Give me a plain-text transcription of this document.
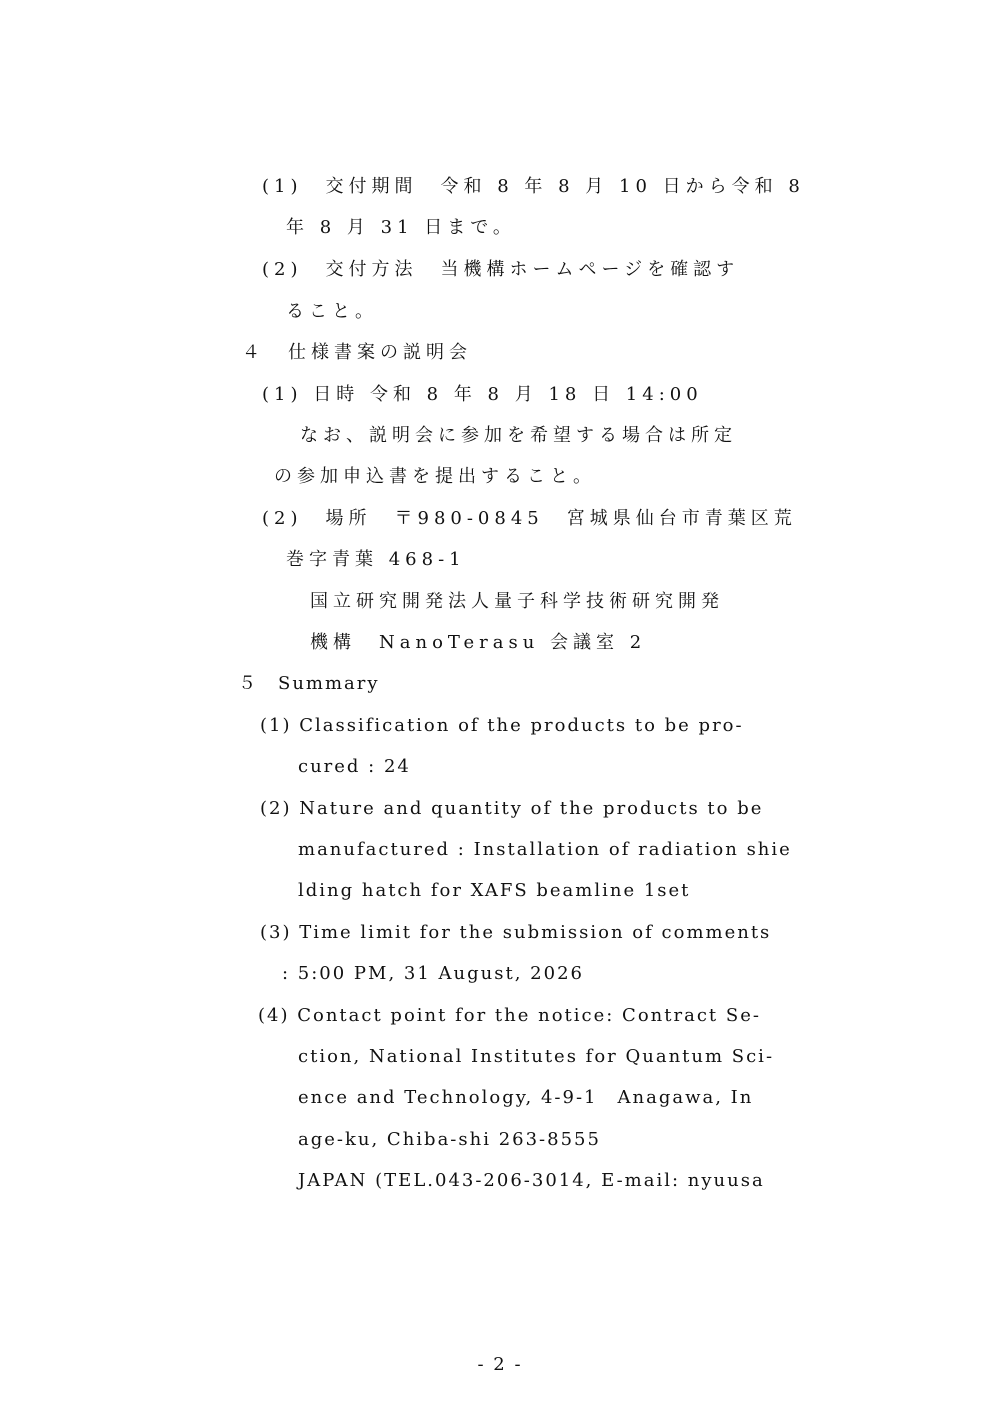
(1)　交付期間　令和 8 年 8 月 10 日から令和 8
年 8 月 31 日まで。
(2)　交付方法　当機構ホームページを確認す
ること。
４　仕様書案の説明会
(1) 日時 令和 8 年 8 月 18 日 14:00
なお、説明会に参加を希望する場合は所定
の参加申込書を提出すること。
(2)　場所　〒980-0845　宮城県仙台市青葉区荒
巻字青葉 468-1
国立研究開発法人量子科学技術研究開発
機構　NanoTerasu 会議室 2
５　Summary
(1) Classification of the products to be pro-
cured : 24
(2) Nature and quantity of the products to be
manufactured : Installation of radiation shie
lding hatch for XAFS beamline 1set
(3) Time limit for the submission of comments
: 5:00 PM, 31 August, 2026
(4) Contact point for the notice: Contract Se-
ction, National Institutes for Quantum Sci-
ence and Technology, 4-9-1　Anagawa, In
age-ku, Chiba-shi 263-8555
JAPAN (TEL.043-206-3014, E-mail: nyuusa
- 2 -
